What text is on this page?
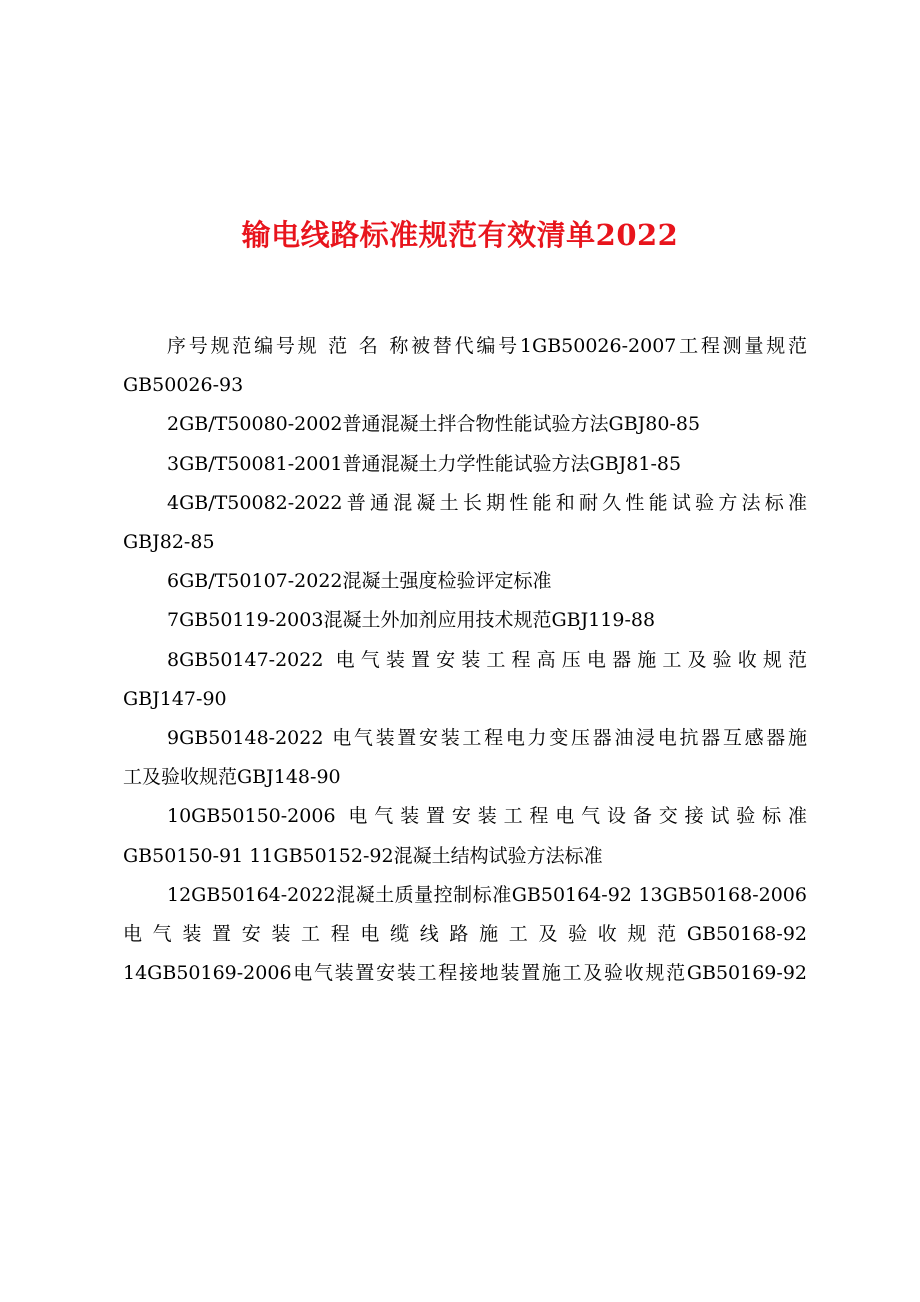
输电线路标准规范有效清单2022

序号规范编号规 范 名 称被替代编号1GB50026-2007工程测量规范
GB50026-93

2GB/T50080-2002普通混凝土拌合物性能试验方法GBJ80-85

3GB/T50081-2001普通混凝土力学性能试验方法GBJ81-85

4GB/T50082-2022普通混凝土长期性能和耐久性能试验方法标准
GBJ82-85

6GB/T50107-2022混凝土强度检验评定标准

7GB50119-2003混凝土外加剂应用技术规范GBJ119-88

8GB50147-2022 电气装置安装工程高压电器施工及验收规范
GBJ147-90

9GB50148-2022 电气装置安装工程电力变压器油浸电抗器互感器施
工及验收规范GBJ148-90

10GB50150-2006 电气装置安装工程电气设备交接试验标准
GB50150-91 11GB50152-92混凝土结构试验方法标准

12GB50164-2022混凝土质量控制标准GB50164-92 13GB50168-2006
电 气 装 置 安 装 工 程 电 缆 线 路 施 工 及 验 收 规 范 GB50168-92
14GB50169-2006电气装置安装工程接地装置施工及验收规范GB50169-92
